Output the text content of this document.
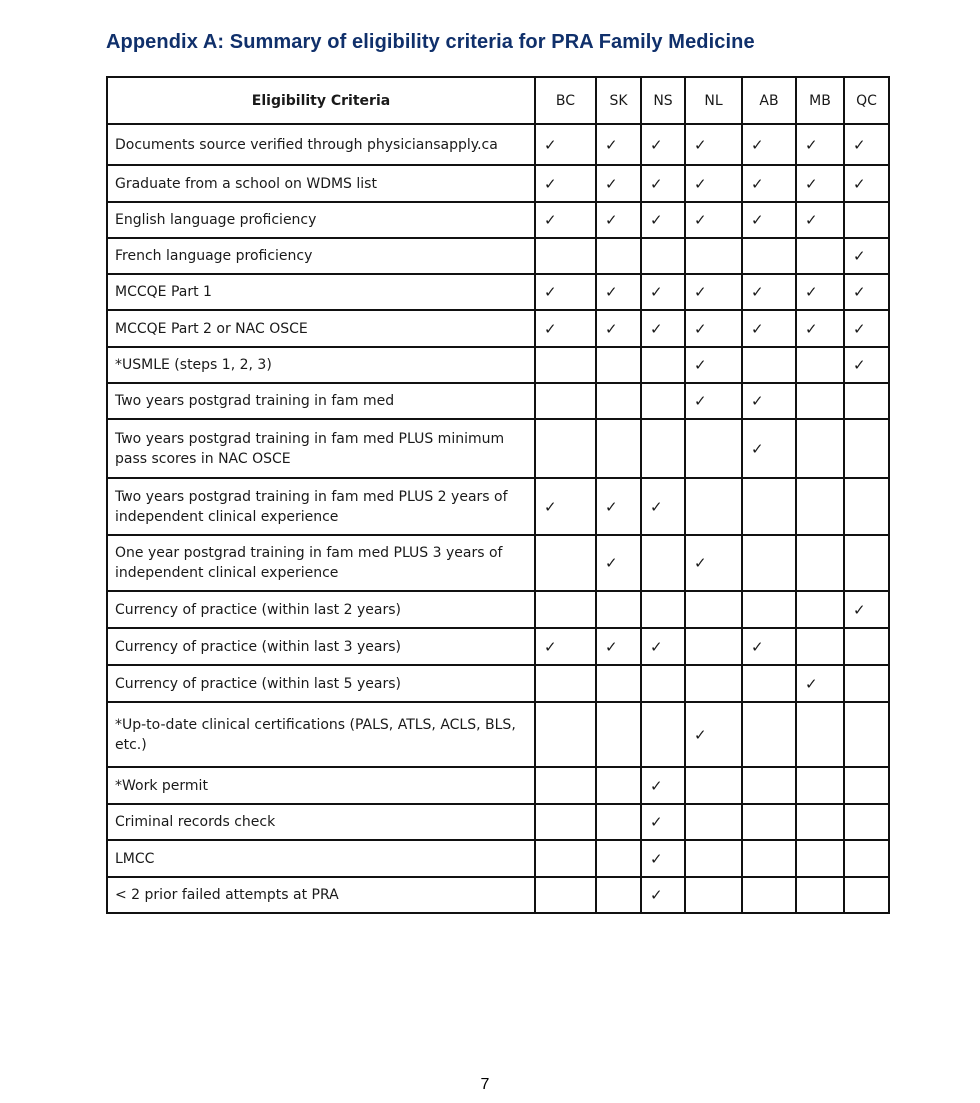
Appendix A: Summary of eligibility criteria for PRA Family Medicine
Eligibility Criteria	BC	SK	NS	NL	AB	MB	QC
Documents source verified through physiciansapply.ca	✓	✓	✓	✓	✓	✓	✓
Graduate from a school on WDMS list	✓	✓	✓	✓	✓	✓	✓
English language proficiency	✓	✓	✓	✓	✓	✓	
French language proficiency							✓
MCCQE Part 1	✓	✓	✓	✓	✓	✓	✓
MCCQE Part 2 or NAC OSCE	✓	✓	✓	✓	✓	✓	✓
*USMLE (steps 1, 2, 3)				✓			✓
Two years postgrad training in fam med				✓	✓		
Two years postgrad training in fam med PLUS minimum pass scores in NAC OSCE					✓		
Two years postgrad training in fam med PLUS 2 years of independent clinical experience	✓	✓	✓				
One year postgrad training in fam med PLUS 3 years of independent clinical experience		✓		✓			
Currency of practice (within last 2 years)							✓
Currency of practice (within last 3 years)	✓	✓	✓		✓		
Currency of practice (within last 5 years)						✓	
*Up-to-date clinical certifications (PALS, ATLS, ACLS, BLS, etc.)				✓			
*Work permit			✓				
Criminal records check			✓				
LMCC			✓				
< 2 prior failed attempts at PRA			✓				
7
